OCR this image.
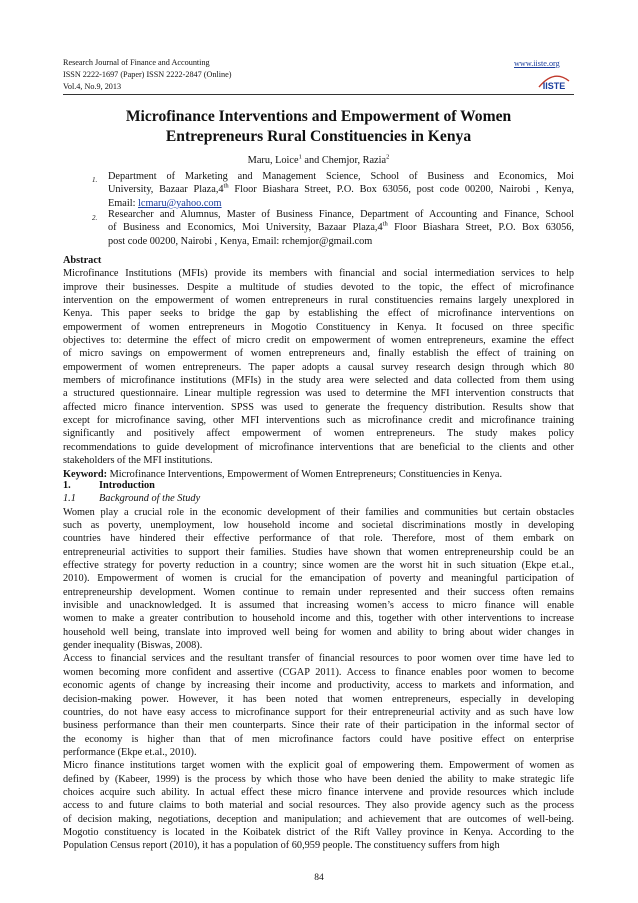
Research Journal of Finance and Accounting
ISSN 2222-1697 (Paper) ISSN 2222-2847 (Online)
Vol.4, No.9, 2013
www.iiste.org
IISTE
Microfinance Interventions and Empowerment of Women
Entrepreneurs Rural Constituencies in Kenya
Maru, Loice$^1$ and Chemjor, Razia$^2$
1. Department of Marketing and Management Science, School of Business and Economics, Moi
University, Bazaar Plaza,4th Floor Biashara Street, P.O. Box 63056, post code 00200, Nairobi , Kenya,
Email: lcmaru@yahoo.com
2. Researcher and Alumnus, Master of Business Finance, Department of Accounting and Finance, School
of Business and Economics, Moi University, Bazaar Plaza,4th Floor Biashara Street, P.O. Box 63056,
post code 00200, Nairobi , Kenya, Email: rchemjor@gmail.com
Abstract
Microfinance Institutions (MFIs) provide its members with financial and social intermediation services to help
improve their businesses. Despite a multitude of studies devoted to the topic, the effect of microfinance
intervention on the empowerment of women entrepreneurs in rural constituencies remains largely unexplored in
Kenya. This paper seeks to bridge the gap by establishing the effect of microfinance interventions on
empowerment of women entrepreneurs in Mogotio Constituency in Kenya. It focused on three specific
objectives to: determine the effect of micro credit on empowerment of women entrepreneurs, examine the effect
of micro savings on empowerment of women entrepreneurs and, finally establish the effect of training on
empowerment of women entrepreneurs. The paper adopts a causal survey research design through which 80
members of microfinance institutions (MFIs) in the study area were selected and data collected from them using
a structured questionnaire. Linear multiple regression was used to determine the MFI intervention constructs that
affected micro finance intervention. SPSS was used to generate the frequency distribution. Results show that
except for microfinance saving, other MFI interventions such as microfinance credit and microfinance training
significantly and positively affect empowerment of women entrepreneurs. The study makes policy
recommendations to guide development of microfinance interventions that are beneficial to the clients and other
stakeholders of the MFI institutions.
Keyword: Microfinance Interventions, Empowerment of Women Entrepreneurs; Constituencies in Kenya.
1.	Introduction
1.1 Background of the Study
Women play a crucial role in the economic development of their families and communities but certain obstacles
such as poverty, unemployment, low household income and societal discriminations mostly in developing
countries have hindered their effective performance of that role. Therefore, most of them embark on
entrepreneurial activities to support their families. Studies have shown that women entrepreneurship could be an
effective strategy for poverty reduction in a country; since women are the worst hit in such situation (Ekpe et.al.,
2010). Empowerment of women is crucial for the emancipation of poverty and meaningful participation of
entrepreneurship development. Women continue to remain under represented and their success often remains
invisible and unacknowledged. It is assumed that increasing women’s access to micro finance will enable
women to make a greater contribution to household income and this, together with other interventions to increase
household well being, translate into improved well being for women and ability to bring about wider changes in
gender inequality (Biswas, 2008).
Access to financial services and the resultant transfer of financial resources to poor women over time have led to
women becoming more confident and assertive (CGAP 2011). Access to finance enables poor women to become
economic agents of change by increasing their income and productivity, access to markets and information, and
decision-making power. However, it has been noted that women entrepreneurs, especially in developing
countries, do not have easy access to microfinance support for their entrepreneurial activity and as such have low
business performance than their men counterparts. Since their rate of their participation in the informal sector of
the economy is higher than that of men microfinance factors could have positive effect on enterprise
performance (Ekpe et.al., 2010).
Micro finance institutions target women with the explicit goal of empowering them. Empowerment of women as
defined by (Kabeer, 1999) is the process by which those who have been denied the ability to make strategic life
choices acquire such ability. In actual effect these micro finance intervene and provide resources which include
access to and future claims to both material and social resources. They also provide agency such as the process
of decision making, negotiations, deception and manipulation; and achievement that are outcomes of well-being.
Mogotio constituency is located in the Koibatek district of the Rift Valley province in Kenya. According to the
Population Census report (2010), it has a population of 60,959 people. The constituency suffers from high
84
